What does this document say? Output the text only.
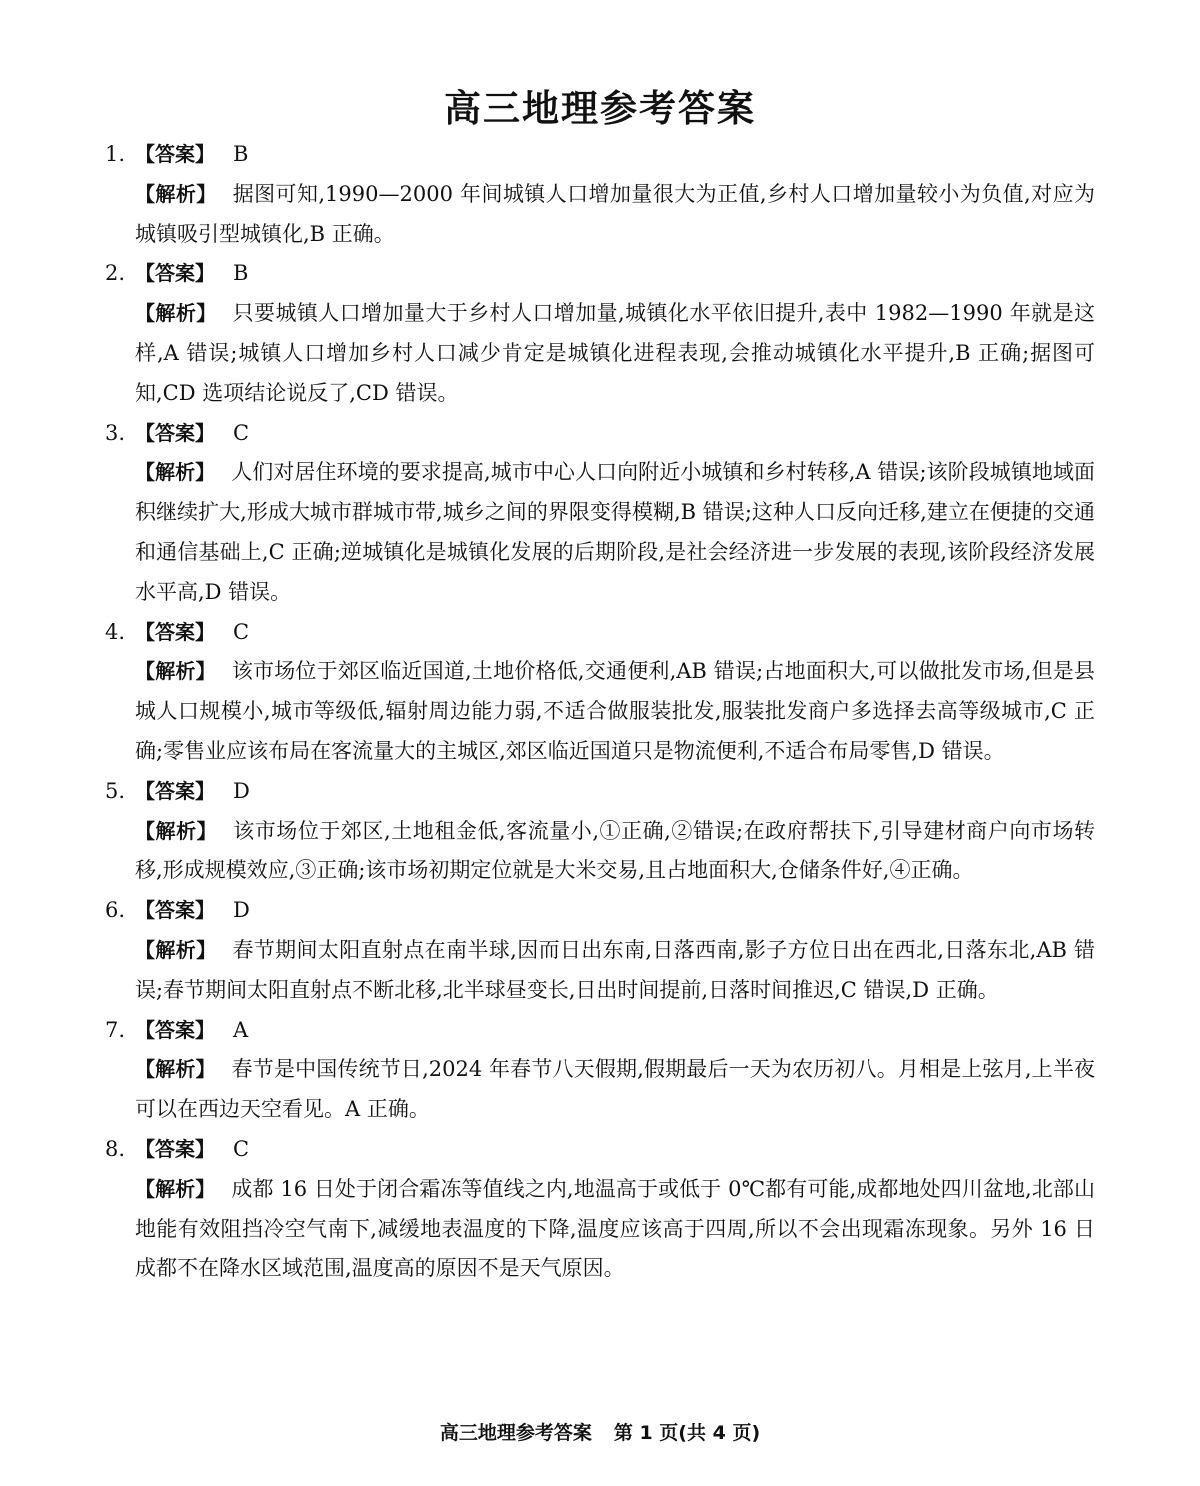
高三地理参考答案
1. 【答案】 B
【解析】 据图可知,1990—2000 年间城镇人口增加量很大为正值,乡村人口增加量较小为负值,对应为城镇吸引型城镇化,B 正确。
2. 【答案】 B
【解析】 只要城镇人口增加量大于乡村人口增加量,城镇化水平依旧提升,表中 1982—1990 年就是这样,A 错误;城镇人口增加乡村人口减少肯定是城镇化进程表现,会推动城镇化水平提升,B 正确;据图可知,CD 选项结论说反了,CD 错误。
3. 【答案】 C
【解析】 人们对居住环境的要求提高,城市中心人口向附近小城镇和乡村转移,A 错误;该阶段城镇地域面积继续扩大,形成大城市群城市带,城乡之间的界限变得模糊,B 错误;这种人口反向迁移,建立在便捷的交通和通信基础上,C 正确;逆城镇化是城镇化发展的后期阶段,是社会经济进一步发展的表现,该阶段经济发展水平高,D 错误。
4. 【答案】 C
【解析】 该市场位于郊区临近国道,土地价格低,交通便利,AB 错误;占地面积大,可以做批发市场,但是县城人口规模小,城市等级低,辐射周边能力弱,不适合做服装批发,服装批发商户多选择去高等级城市,C 正确;零售业应该布局在客流量大的主城区,郊区临近国道只是物流便利,不适合布局零售,D 错误。
5. 【答案】 D
【解析】 该市场位于郊区,土地租金低,客流量小,①正确,②错误;在政府帮扶下,引导建材商户向市场转移,形成规模效应,③正确;该市场初期定位就是大米交易,且占地面积大,仓储条件好,④正确。
6. 【答案】 D
【解析】 春节期间太阳直射点在南半球,因而日出东南,日落西南,影子方位日出在西北,日落东北,AB 错误;春节期间太阳直射点不断北移,北半球昼变长,日出时间提前,日落时间推迟,C 错误,D 正确。
7. 【答案】 A
【解析】 春节是中国传统节日,2024 年春节八天假期,假期最后一天为农历初八。月相是上弦月,上半夜可以在西边天空看见。A 正确。
8. 【答案】 C
【解析】 成都 16 日处于闭合霜冻等值线之内,地温高于或低于 0℃都有可能,成都地处四川盆地,北部山地能有效阻挡冷空气南下,减缓地表温度的下降,温度应该高于四周,所以不会出现霜冻现象。另外 16 日成都不在降水区域范围,温度高的原因不是天气原因。
高三地理参考答案 第 1 页(共 4 页)
